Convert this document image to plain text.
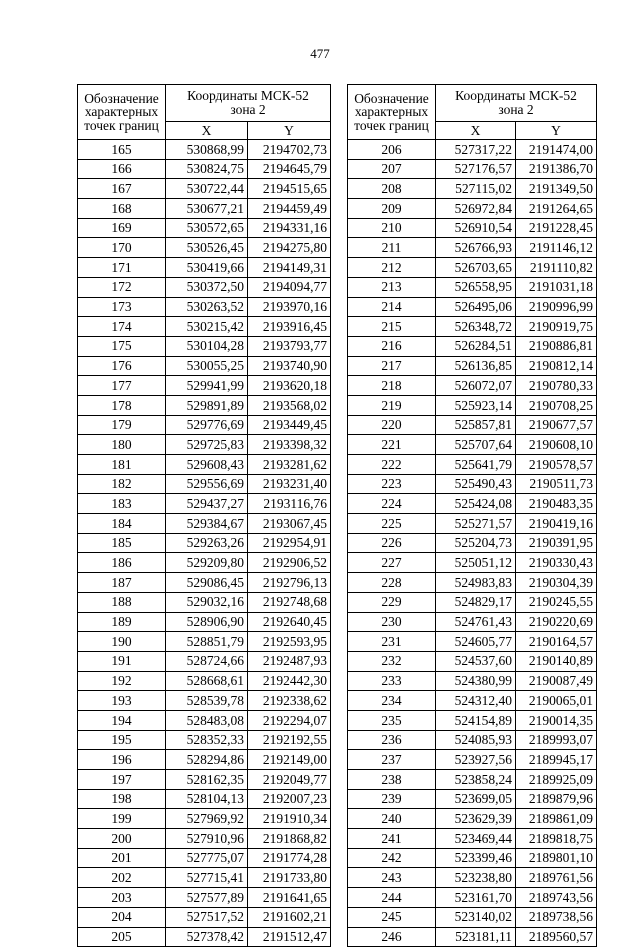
477
Обозначение
характерных
точек границ	Координаты МСК-52
зона 2	
	X	Y
165	530868,99	2194702,73
166	530824,75	2194645,79
167	530722,44	2194515,65
168	530677,21	2194459,49
169	530572,65	2194331,16
170	530526,45	2194275,80
171	530419,66	2194149,31
172	530372,50	2194094,77
173	530263,52	2193970,16
174	530215,42	2193916,45
175	530104,28	2193793,77
176	530055,25	2193740,90
177	529941,99	2193620,18
178	529891,89	2193568,02
179	529776,69	2193449,45
180	529725,83	2193398,32
181	529608,43	2193281,62
182	529556,69	2193231,40
183	529437,27	2193116,76
184	529384,67	2193067,45
185	529263,26	2192954,91
186	529209,80	2192906,52
187	529086,45	2192796,13
188	529032,16	2192748,68
189	528906,90	2192640,45
190	528851,79	2192593,95
191	528724,66	2192487,93
192	528668,61	2192442,30
193	528539,78	2192338,62
194	528483,08	2192294,07
195	528352,33	2192192,55
196	528294,86	2192149,00
197	528162,35	2192049,77
198	528104,13	2192007,23
199	527969,92	2191910,34
200	527910,96	2191868,82
201	527775,07	2191774,28
202	527715,41	2191733,80
203	527577,89	2191641,65
204	527517,52	2191602,21
205	527378,42	2191512,47
Обозначение
характерных
точек границ	Координаты МСК-52
зона 2	
	X	Y
206	527317,22	2191474,00
207	527176,57	2191386,70
208	527115,02	2191349,50
209	526972,84	2191264,65
210	526910,54	2191228,45
211	526766,93	2191146,12
212	526703,65	2191110,82
213	526558,95	2191031,18
214	526495,06	2190996,99
215	526348,72	2190919,75
216	526284,51	2190886,81
217	526136,85	2190812,14
218	526072,07	2190780,33
219	525923,14	2190708,25
220	525857,81	2190677,57
221	525707,64	2190608,10
222	525641,79	2190578,57
223	525490,43	2190511,73
224	525424,08	2190483,35
225	525271,57	2190419,16
226	525204,73	2190391,95
227	525051,12	2190330,43
228	524983,83	2190304,39
229	524829,17	2190245,55
230	524761,43	2190220,69
231	524605,77	2190164,57
232	524537,60	2190140,89
233	524380,99	2190087,49
234	524312,40	2190065,01
235	524154,89	2190014,35
236	524085,93	2189993,07
237	523927,56	2189945,17
238	523858,24	2189925,09
239	523699,05	2189879,96
240	523629,39	2189861,09
241	523469,44	2189818,75
242	523399,46	2189801,10
243	523238,80	2189761,56
244	523161,70	2189743,56
245	523140,02	2189738,56
246	523181,11	2189560,57
